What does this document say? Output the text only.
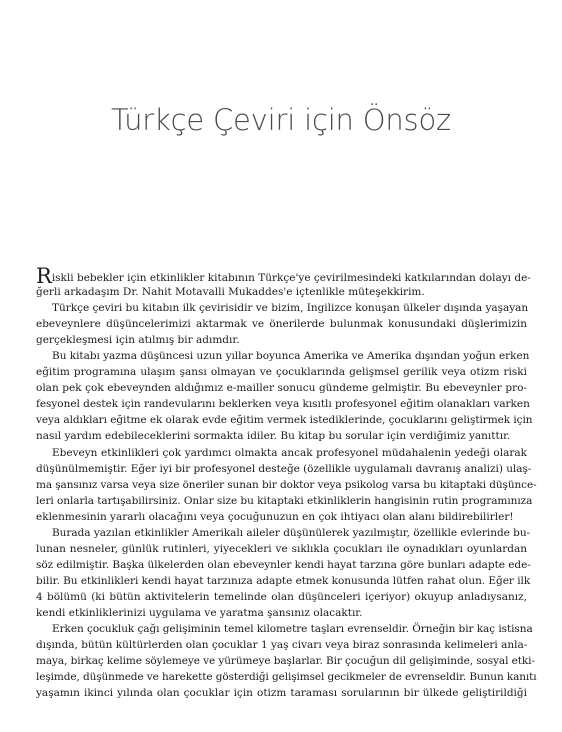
Türkçe Çeviri için Önsöz

Riskli bebekler için etkinlikler kitabının Türkçe'ye çevirilmesindeki katkılarından dolayı de-
ğerli arkadaşım Dr. Nahit Motavalli Mukaddes'e içtenlikle müteşekkirim.

Türkçe çeviri bu kitabın ilk çevirisidir ve bizim, Ingilizce konuşan ülkeler dışında yaşayan
ebeveynlere düşüncelerimizi aktarmak ve önerilerde bulunmak konusundaki düşlerimizin
gerçekleşmesi için atılmış bir adımdır.

Bu kitabı yazma düşüncesi uzun yıllar boyunca Amerika ve Amerika dışından yoğun erken
eğitim programına ulaşım şansı olmayan ve çocuklarında gelişmsel gerilik veya otizm riski
olan pek çok ebeveynden aldığımız e-mailler sonucu gündeme gelmiştir. Bu ebeveynler pro-
fesyonel destek için randevularını beklerken veya kısıtlı profesyonel eğitim olanakları varken
veya aldıkları eğitme ek olarak evde eğitim vermek istediklerinde, çocuklarını geliştirmek için
nasıl yardım edebileceklerini sormakta idiler. Bu kitap bu sorular için verdiğimiz yanıttır.

Ebeveyn etkinlikleri çok yardımcı olmakta ancak profesyonel müdahalenin yedeği olarak
düşünülmemiştir. Eğer iyi bir profesyonel desteğe (özellikle uygulamalı davranış analizi) ulaş-
ma şansınız varsa veya size öneriler sunan bir doktor veya psikolog varsa bu kitaptaki düşünce-
leri onlarla tartışabilirsiniz. Onlar size bu kitaptaki etkinliklerin hangisinin rutin programınıza
eklenmesinin yararlı olacağını veya çocuğunuzun en çok ihtiyacı olan alanı bildirebilirler!

Burada yazılan etkinlikler Amerikalı aileler düşünülerek yazılmıştır, özellikle evlerinde bu-
lunan nesneler, günlük rutinleri, yiyecekleri ve sıklıkla çocukları ile oynadıkları oyunlardan
söz edilmiştir. Başka ülkelerden olan ebeveynler kendi hayat tarzına göre bunları adapte ede-
bilir. Bu etkinlikleri kendi hayat tarzınıza adapte etmek konusunda lütfen rahat olun. Eğer ilk
4 bölümü (ki bütün aktivitelerin temelinde olan düşünceleri içeriyor) okuyup anladıysanız,
kendi etkinliklerinizi uygulama ve yaratma şansınız olacaktır.

Erken çocukluk çağı gelişiminin temel kilometre taşları evrenseldir. Örneğin bir kaç istisna
dışında, bütün kültürlerden olan çocuklar 1 yaş civarı veya biraz sonrasında kelimeleri anla-
maya, birkaç kelime söylemeye ve yürümeye başlarlar. Bir çocuğun dil gelişiminde, sosyal etki-
leşimde, düşünmede ve harekette gösterdiği gelişimsel gecikmeler de evrenseldir. Bunun kanıtı
yaşamın ikinci yılında olan çocuklar için otizm taraması sorularının bir ülkede geliştirildiği
